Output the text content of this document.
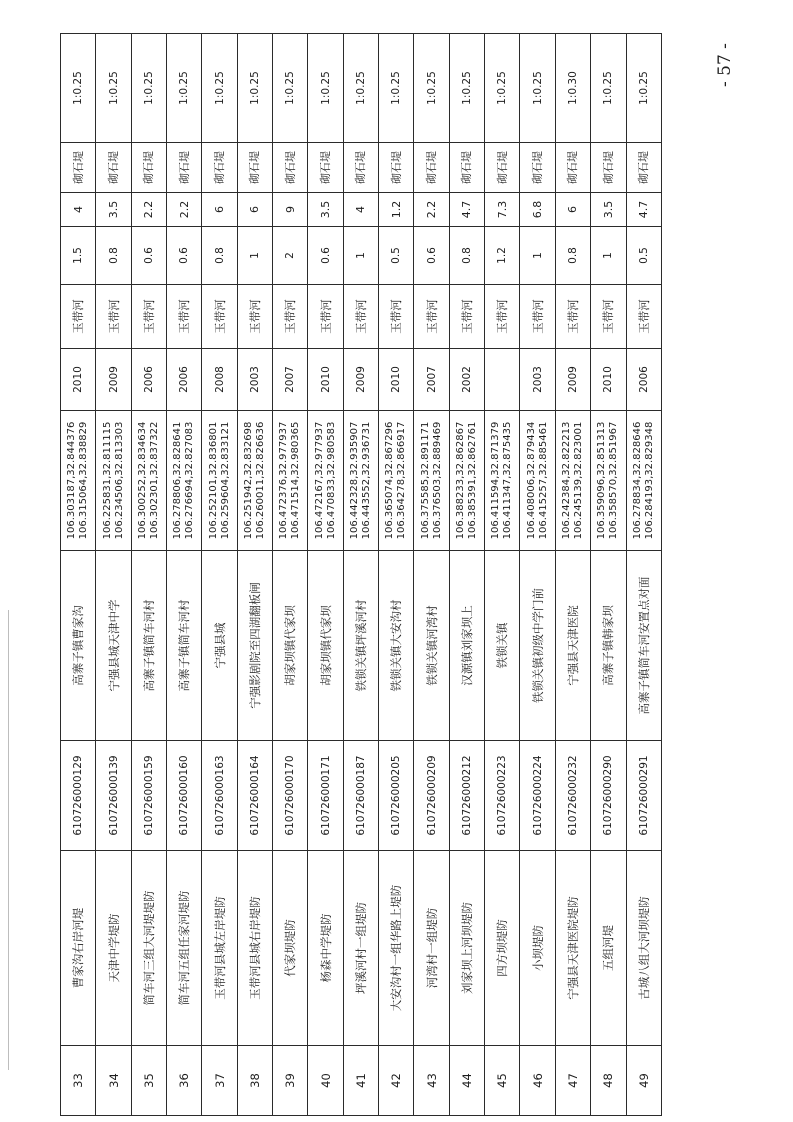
33	曹家沟右岸河堤	610726000129	高寨子镇曹家沟	106.303187,32.844376 106.315064,32.838829	2010	玉带河	1.5	4	砌石堤	1:0.25
34	天津中学堤防	610726000139	宁强县城天津中学	106.225831,32.811115 106.234506,32.813303	2009	玉带河	0.8	3.5	砌石堤	1:0.25
35	简车河三组大河堤堤防	610726000159	高寨子镇简车河村	106.300252,32.834634 106.302301,32.837322	2006	玉带河	0.6	2.2	砌石堤	1:0.25
36	简车河五组任家河堤防	610726000160	高寨子镇简车河村	106.278806,32.828641 106.276694,32.827083	2006	玉带河	0.6	2.2	砌石堤	1:0.25
37	玉带河县城左岸堤防	610726000163	宁强县城	106.252101,32.836801 106.259604,32.833121	2008	玉带河	0.8	6	砌石堤	1:0.25
38	玉带河县城右岸堤防	610726000164	宁强影剧院至四湖翻板闸	106.251942,32.832698 106.260011,32.826636	2003	玉带河	1	6	砌石堤	1:0.25
39	代家坝堤防	610726000170	胡家坝镇代家坝	106.472376,32.977937 106.471514,32.980365	2007	玉带河	2	9	砌石堤	1:0.25
40	杨森中学堤防	610726000171	胡家坝镇代家坝	106.472167,32.977937 106.470833,32.980583	2010	玉带河	0.6	3.5	砌石堤	1:0.25
41	坪溪河村一组堤防	610726000187	铁锁关镇坪溪河村	106.442328,32.935907 106.443552,32.936731	2009	玉带河	1	4	砌石堤	1:0.25
42	大安沟村一组华路上堤防	610726000205	铁锁关镇大安沟村	106.365074,32.867296 106.364278,32.866917	2010	玉带河	0.5	1.2	砌石堤	1:0.25
43	河湾村一组堤防	610726000209	铁锁关镇河湾村	106.375585,32.891171 106.376503,32.889469	2007	玉带河	0.6	2.2	砌石堤	1:0.25
44	刘家坝上河坝堤防	610726000212	汉源镇刘家坝上	106.388233,32.862867 106.385391,32.862761	2002	玉带河	0.8	4.7	砌石堤	1:0.25
45	四方坝堤防	610726000223	铁锁关镇	106.411594,32.871379 106.411347,32.875435		玉带河	1.2	7.3	砌石堤	1:0.25
46	小坝堤防	610726000224	铁锁关镇初级中学门前	106.408006,32.879434 106.415257,32.885461	2003	玉带河	1	6.8	砌石堤	1:0.25
47	宁强县天津医院堤防	610726000232	宁强县天津医院	106.242384,32.822213 106.245139,32.823001	2009	玉带河	0.8	6	砌石堤	1:0.30
48	五组河堤	610726000290	高寨子镇韩家坝	106.359096,32.851313 106.358570,32.851967	2010	玉带河	1	3.5	砌石堤	1:0.25
49	古城八组大河坝堤防	610726000291	高寨子镇简车河安置点对面	106.278834,32.828646 106.284193,32.829348	2006	玉带河	0.5	4.7	砌石堤	1:0.25
- 57 -
